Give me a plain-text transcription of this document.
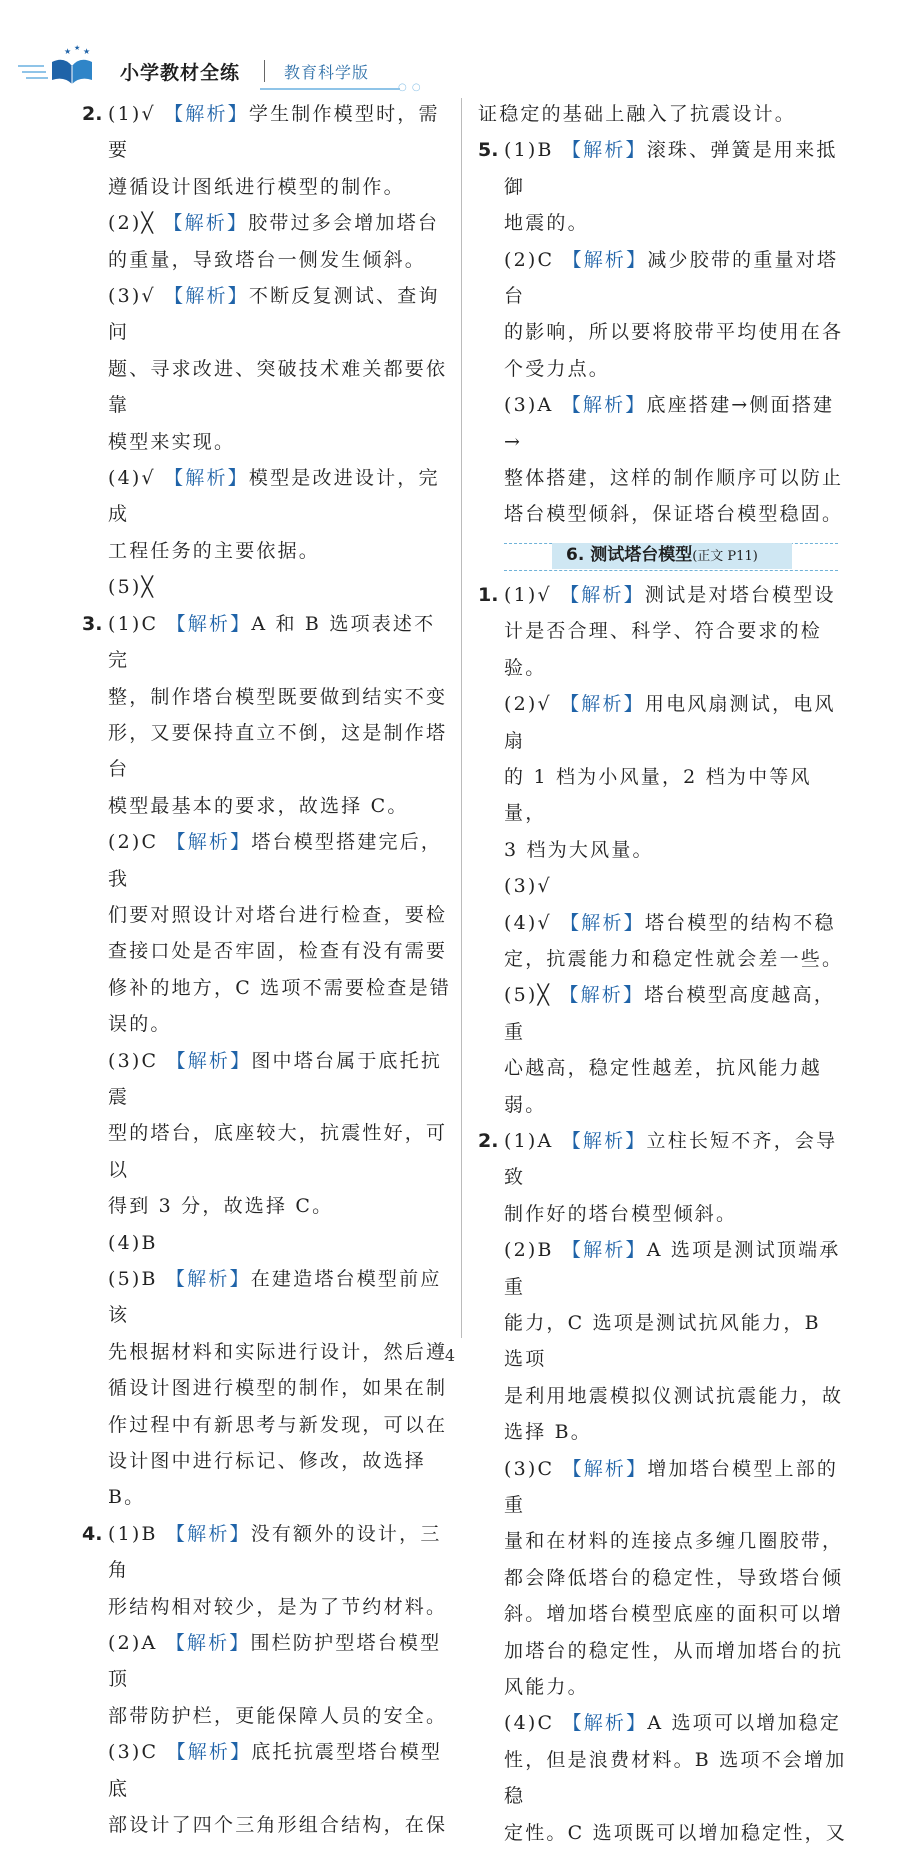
★ ★ ★
小学教材全练	教育科学版
○ ○
2. (1)√ 【解析】学生制作模型时，需要
遵循设计图纸进行模型的制作。
(2)╳ 【解析】胶带过多会增加塔台
的重量，导致塔台一侧发生倾斜。
(3)√ 【解析】不断反复测试、查询问
题、寻求改进、突破技术难关都要依靠
模型来实现。
(4)√ 【解析】模型是改进设计，完成
工程任务的主要依据。
(5)╳
3. (1)C 【解析】A 和 B 选项表述不完
整，制作塔台模型既要做到结实不变
形，又要保持直立不倒，这是制作塔台
模型最基本的要求，故选择 C。
(2)C 【解析】塔台模型搭建完后，我
们要对照设计对塔台进行检查，要检
查接口处是否牢固，检查有没有需要
修补的地方，C 选项不需要检查是错
误的。
(3)C 【解析】图中塔台属于底托抗震
型的塔台，底座较大，抗震性好，可以
得到 3 分，故选择 C。
(4)B
(5)B 【解析】在建造塔台模型前应该
先根据材料和实际进行设计，然后遵
循设计图进行模型的制作，如果在制
作过程中有新思考与新发现，可以在
设计图中进行标记、修改，故选择 B。
4. (1)B 【解析】没有额外的设计，三角
形结构相对较少，是为了节约材料。
(2)A 【解析】围栏防护型塔台模型顶
部带防护栏，更能保障人员的安全。
(3)C 【解析】底托抗震型塔台模型底
部设计了四个三角形组合结构，在保
证稳定的基础上融入了抗震设计。
5. (1)B 【解析】滚珠、弹簧是用来抵御
地震的。
(2)C 【解析】减少胶带的重量对塔台
的影响，所以要将胶带平均使用在各
个受力点。
(3)A 【解析】底座搭建→侧面搭建→
整体搭建，这样的制作顺序可以防止
塔台模型倾斜，保证塔台模型稳固。
6. 测试塔台模型(正文 P11)
1. (1)√ 【解析】测试是对塔台模型设
计是否合理、科学、符合要求的检验。
(2)√ 【解析】用电风扇测试，电风扇
的 1 档为小风量，2 档为中等风量，
3 档为大风量。
(3)√
(4)√ 【解析】塔台模型的结构不稳
定，抗震能力和稳定性就会差一些。
(5)╳ 【解析】塔台模型高度越高，重
心越高，稳定性越差，抗风能力越弱。
2. (1)A 【解析】立柱长短不齐，会导致
制作好的塔台模型倾斜。
(2)B 【解析】A 选项是测试顶端承重
能力，C 选项是测试抗风能力，B 选项
是利用地震模拟仪测试抗震能力，故
选择 B。
(3)C 【解析】增加塔台模型上部的重
量和在材料的连接点多缠几圈胶带，
都会降低塔台的稳定性，导致塔台倾
斜。增加塔台模型底座的面积可以增
加塔台的稳定性，从而增加塔台的抗
风能力。
(4)C 【解析】A 选项可以增加稳定
性，但是浪费材料。B 选项不会增加稳
定性。C 选项既可以增加稳定性，又
4
